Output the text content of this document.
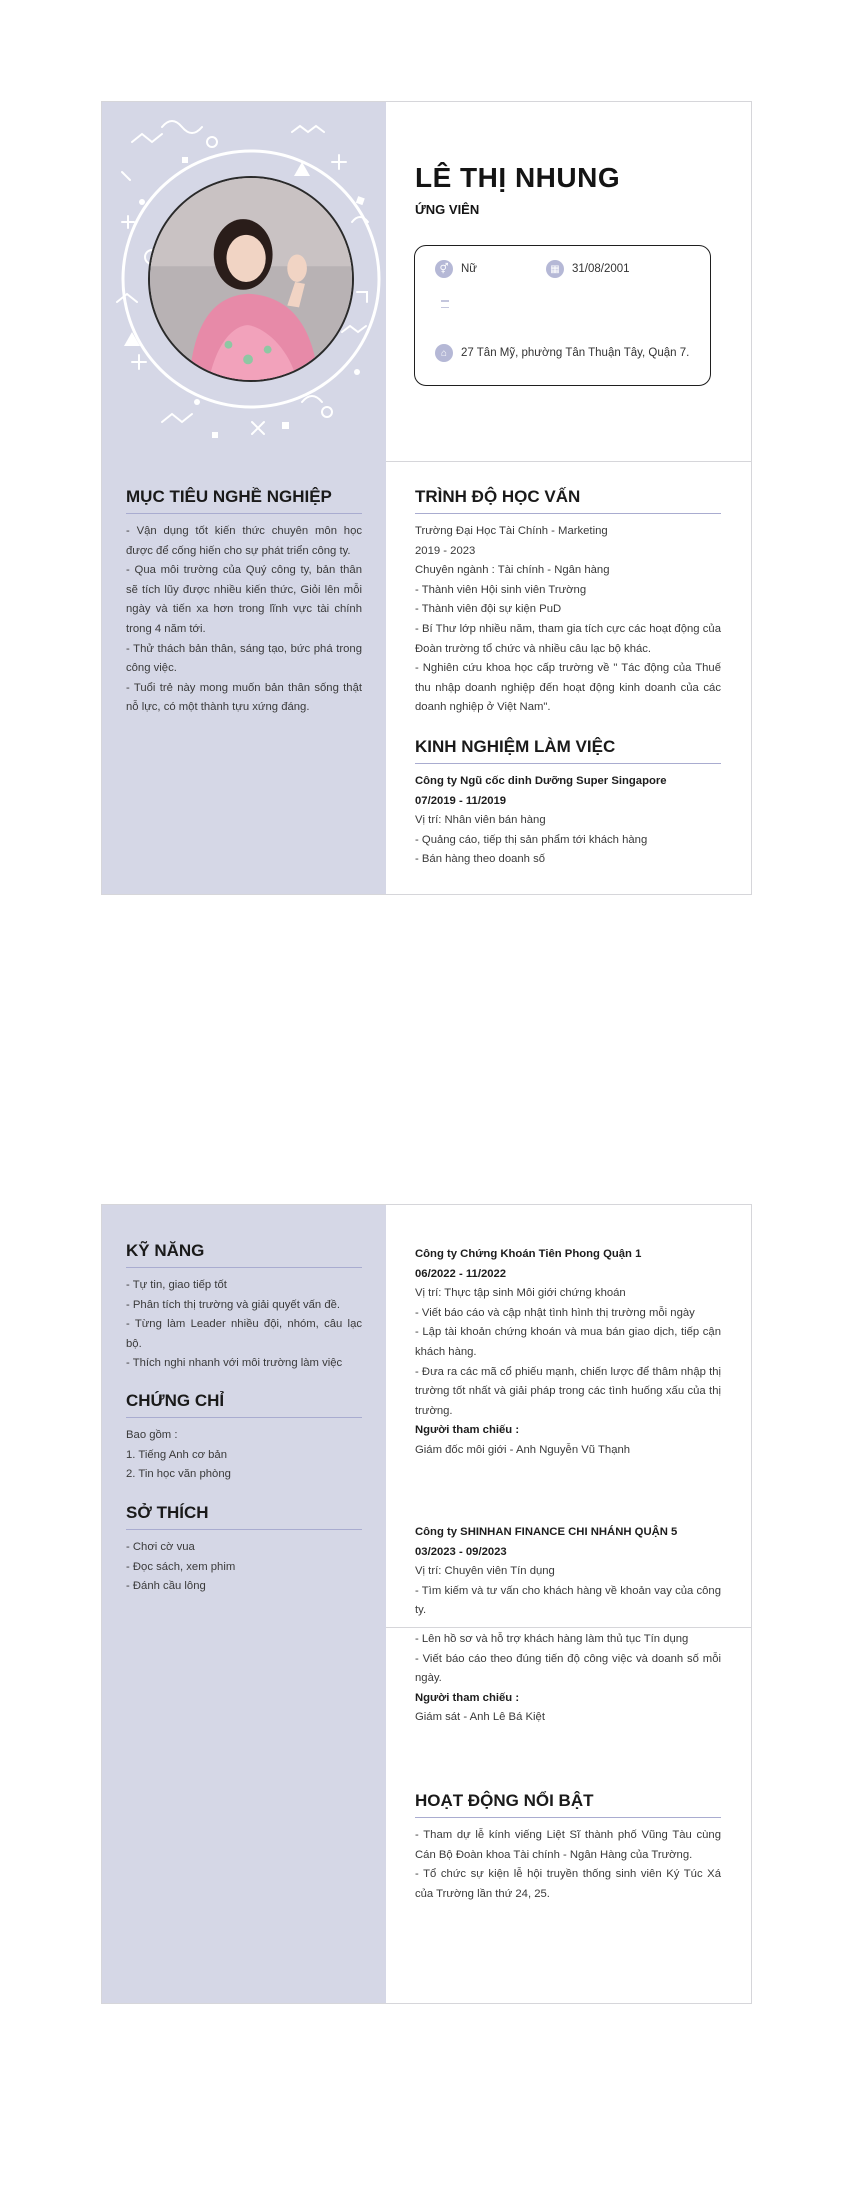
LÊ THỊ NHUNG
ỨNG VIÊN
⚥	Nữ	▦	31/08/2001
⌂	27 Tân Mỹ, phường Tân Thuận Tây, Quận 7.
MỤC TIÊU NGHỀ NGHIỆP
- Vận dụng tốt kiến thức chuyên môn học được để cống hiến cho sự phát triển công ty.
- Qua môi trường của Quý công ty, bản thân sẽ tích lũy được nhiều kiến thức, Giỏi lên mỗi ngày và tiến xa hơn trong lĩnh vực tài chính trong 4 năm tới.
- Thử thách bản thân, sáng tạo, bức phá trong công việc.
- Tuổi trẻ này mong muốn bản thân sống thật nỗ lực, có một thành tựu xứng đáng.
TRÌNH ĐỘ HỌC VẤN
Trường Đại Học Tài Chính - Marketing
2019 - 2023
Chuyên ngành : Tài chính - Ngân hàng
- Thành viên Hội sinh viên Trường
- Thành viên đội sự kiện PuD
- Bí Thư lớp nhiều năm, tham gia tích cực các hoạt động của Đoàn trường tổ chức và nhiều câu lạc bộ khác.
- Nghiên cứu khoa học cấp trường về " Tác động của Thuế thu nhập doanh nghiệp đến hoạt động kinh doanh của các doanh nghiệp ở Việt Nam".
KINH NGHIỆM LÀM VIỆC
Công ty Ngũ cốc dinh Dưỡng Super Singapore
07/2019 - 11/2019
Vị trí: Nhân viên bán hàng
- Quảng cáo, tiếp thị sản phẩm tới khách hàng
- Bán hàng theo doanh số
KỸ NĂNG
- Tự tin, giao tiếp tốt
- Phân tích thị trường và giải quyết vấn đề.
- Từng làm Leader nhiều đội, nhóm, câu lạc bộ.
- Thích nghi nhanh với môi trường làm việc
CHỨNG CHỈ
Bao gồm :
1. Tiếng Anh cơ bản
2. Tin học văn phòng
SỞ THÍCH
- Chơi cờ vua
- Đọc sách, xem phim
- Đánh cầu lông
Công ty Chứng Khoán Tiên Phong Quận 1
06/2022 - 11/2022
Vị trí: Thực tập sinh Môi giới chứng khoán
- Viết báo cáo và cập nhật tình hình thị trường mỗi ngày
- Lập tài khoản chứng khoán và mua bán giao dịch, tiếp cận khách hàng.
- Đưa ra các mã cổ phiếu mạnh, chiến lược để thâm nhập thị trường tốt nhất và giải pháp trong các tình huống xấu của thị trường.
Người tham chiếu :
Giám đốc môi giới - Anh Nguyễn Vũ Thạnh
Công ty SHINHAN FINANCE CHI NHÁNH QUẬN 5
03/2023 - 09/2023
Vị trí: Chuyên viên Tín dụng
- Tìm kiếm và tư vấn cho khách hàng về khoản vay của công ty.
- Lên hồ sơ và hỗ trợ khách hàng làm thủ tục Tín dụng
- Viết báo cáo theo đúng tiến độ công việc và doanh số mỗi ngày.
Người tham chiếu :
Giám sát - Anh Lê Bá Kiệt
HOẠT ĐỘNG NỔI BẬT
- Tham dự lễ kính viếng Liệt Sĩ thành phố Vũng Tàu cùng Cán Bộ Đoàn khoa Tài chính - Ngân Hàng của Trường.
- Tổ chức sự kiện lễ hội truyền thống sinh viên Ký Túc Xá của Trường lần thứ 24, 25.
